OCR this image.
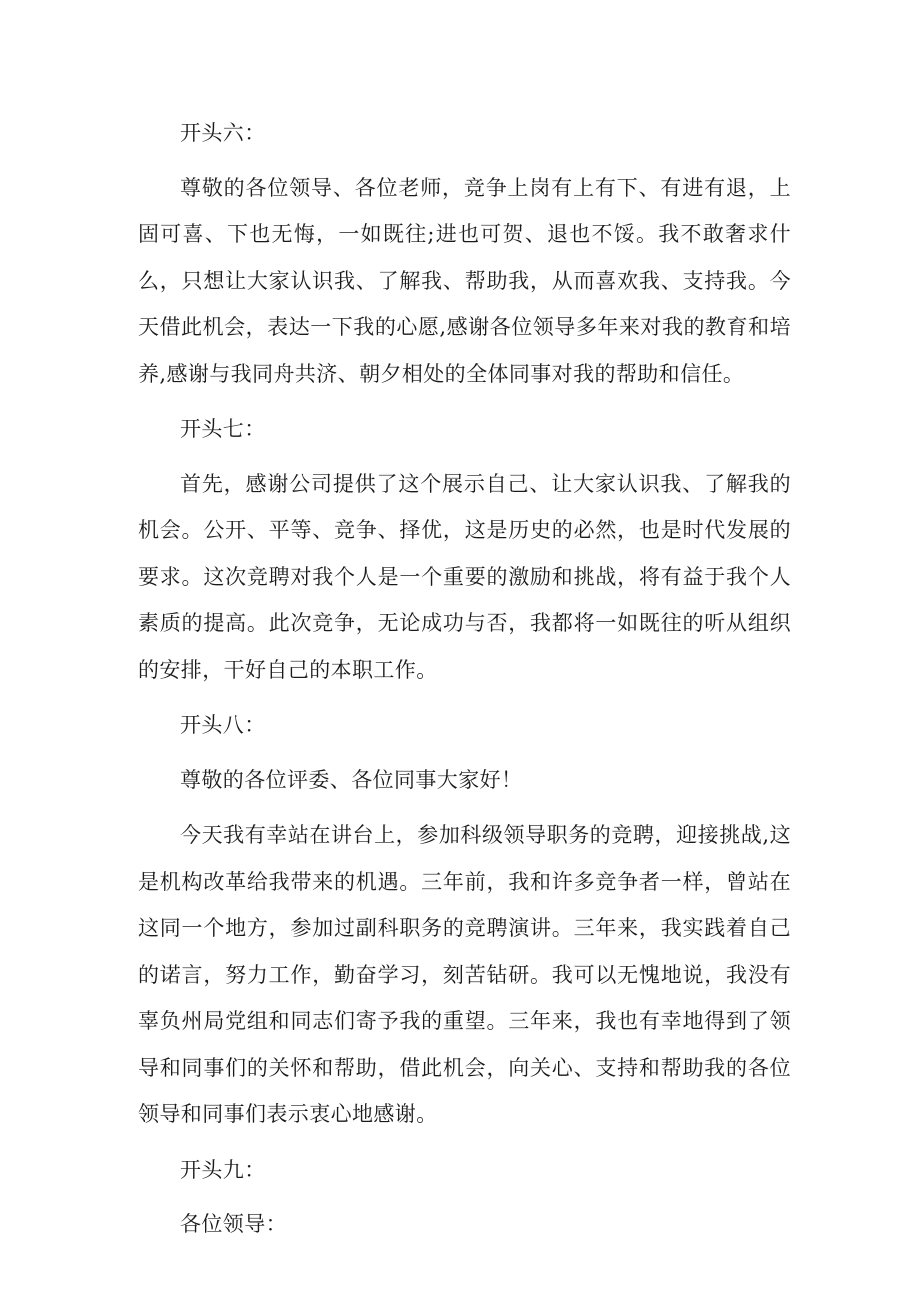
开头六：

尊敬的各位领导、各位老师，竞争上岗有上有下、有进有退，上固可喜、下也无悔，一如既往;进也可贺、退也不馁。我不敢奢求什么，只想让大家认识我、了解我、帮助我，从而喜欢我、支持我。今天借此机会，表达一下我的心愿,感谢各位领导多年来对我的教育和培养,感谢与我同舟共济、朝夕相处的全体同事对我的帮助和信任。

开头七：

首先，感谢公司提供了这个展示自己、让大家认识我、了解我的机会。公开、平等、竞争、择优，这是历史的必然，也是时代发展的要求。这次竞聘对我个人是一个重要的激励和挑战，将有益于我个人素质的提高。此次竞争，无论成功与否，我都将一如既往的听从组织的安排，干好自己的本职工作。

开头八：

尊敬的各位评委、各位同事大家好！

今天我有幸站在讲台上，参加科级领导职务的竞聘，迎接挑战,这是机构改革给我带来的机遇。三年前，我和许多竞争者一样，曾站在这同一个地方，参加过副科职务的竞聘演讲。三年来，我实践着自己的诺言，努力工作，勤奋学习，刻苦钻研。我可以无愧地说，我没有辜负州局党组和同志们寄予我的重望。三年来，我也有幸地得到了领导和同事们的关怀和帮助，借此机会，向关心、支持和帮助我的各位领导和同事们表示衷心地感谢。

开头九：

各位领导：
